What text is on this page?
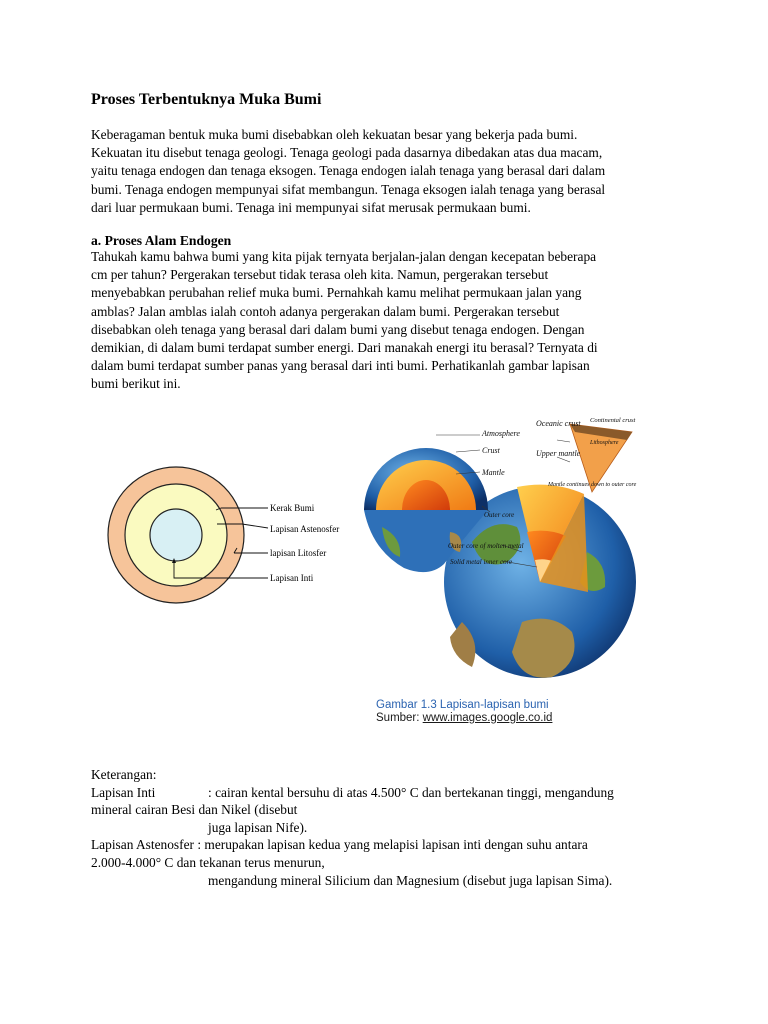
Proses Terbentuknya Muka Bumi

Keberagaman bentuk muka bumi disebabkan oleh kekuatan besar yang bekerja pada bumi.
Kekuatan itu disebut tenaga geologi. Tenaga geologi pada dasarnya dibedakan atas dua macam,
yaitu tenaga endogen dan tenaga eksogen. Tenaga endogen ialah tenaga yang berasal dari dalam
bumi. Tenaga endogen mempunyai sifat membangun. Tenaga eksogen ialah tenaga yang berasal
dari luar permukaan bumi. Tenaga ini mempunyai sifat merusak permukaan bumi.

a. Proses Alam Endogen

Tahukah kamu bahwa bumi yang kita pijak ternyata berjalan-jalan dengan kecepatan beberapa
cm per tahun? Pergerakan tersebut tidak terasa oleh kita. Namun, pergerakan tersebut
menyebabkan perubahan relief muka bumi. Pernahkah kamu melihat permukaan jalan yang
amblas? Jalan amblas ialah contoh adanya pergerakan dalam bumi. Pergerakan tersebut
disebabkan oleh tenaga yang berasal dari dalam bumi yang disebut tenaga endogen. Dengan
demikian, di dalam bumi terdapat sumber energi. Dari manakah energi itu berasal? Ternyata di
dalam bumi terdapat sumber panas yang berasal dari inti bumi. Perhatikanlah gambar lapisan
bumi berikut ini.

Kerak Bumi
Lapisan Astenosfer
lapisan Litosfer
Lapisan Inti
Atmosphere
Crust
Mantle
Outer core
Outer core of molten metal
Solid metal inner core
Oceanic crust
Upper mantle
Continental crust
Lithosphere
Mantle continues down to outer core
Gambar 1.3 Lapisan-lapisan bumi
Sumber: www.images.google.co.id
Keterangan:
Lapisan Inti	: cairan kental bersuhu di atas 4.500° C dan bertekanan tinggi, mengandung
mineral cairan Besi dan Nikel (disebut
juga lapisan Nife).
Lapisan Astenosfer : merupakan lapisan kedua yang melapisi lapisan inti dengan suhu antara
2.000-4.000° C dan tekanan terus menurun,
mengandung mineral Silicium dan Magnesium (disebut juga lapisan Sima).
